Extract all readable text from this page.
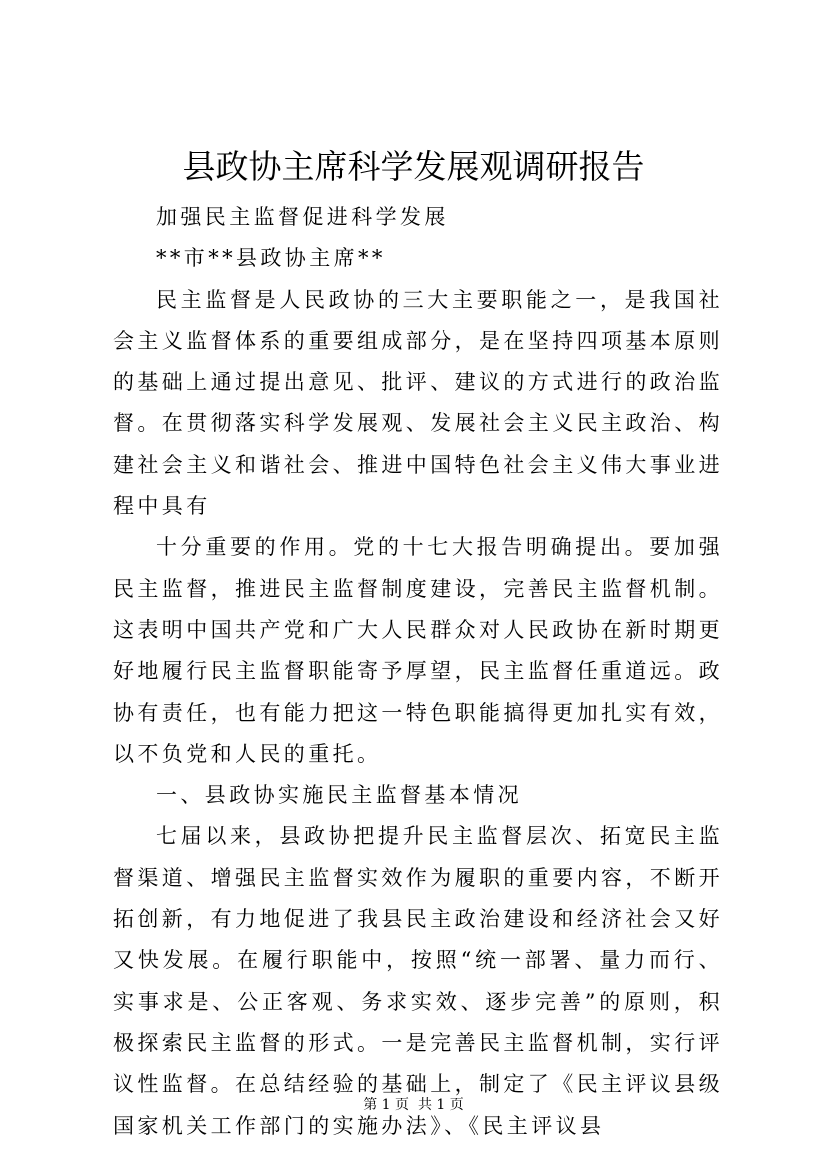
县政协主席科学发展观调研报告

加强民主监督促进科学发展

**市**县政协主席**

民主监督是人民政协的三大主要职能之一，是我国社会主义监督体系的重要组成部分，是在坚持四项基本原则的基础上通过提出意见、批评、建议的方式进行的政治监督。在贯彻落实科学发展观、发展社会主义民主政治、构建社会主义和谐社会、推进中国特色社会主义伟大事业进程中具有

十分重要的作用。党的十七大报告明确提出。要加强民主监督，推进民主监督制度建设，完善民主监督机制。这表明中国共产党和广大人民群众对人民政协在新时期更好地履行民主监督职能寄予厚望，民主监督任重道远。政协有责任，也有能力把这一特色职能搞得更加扎实有效，以不负党和人民的重托。

一、县政协实施民主监督基本情况

七届以来，县政协把提升民主监督层次、拓宽民主监督渠道、增强民主监督实效作为履职的重要内容，不断开拓创新，有力地促进了我县民主政治建设和经济社会又好又快发展。在履行职能中，按照“统一部署、量力而行、实事求是、公正客观、务求实效、逐步完善”的原则，积极探索民主监督的形式。一是完善民主监督机制，实行评议性监督。在总结经验的基础上，制定了《民主评议县级国家机关工作部门的实施办法》、《民主评议县

第 1 页  共 1 页
